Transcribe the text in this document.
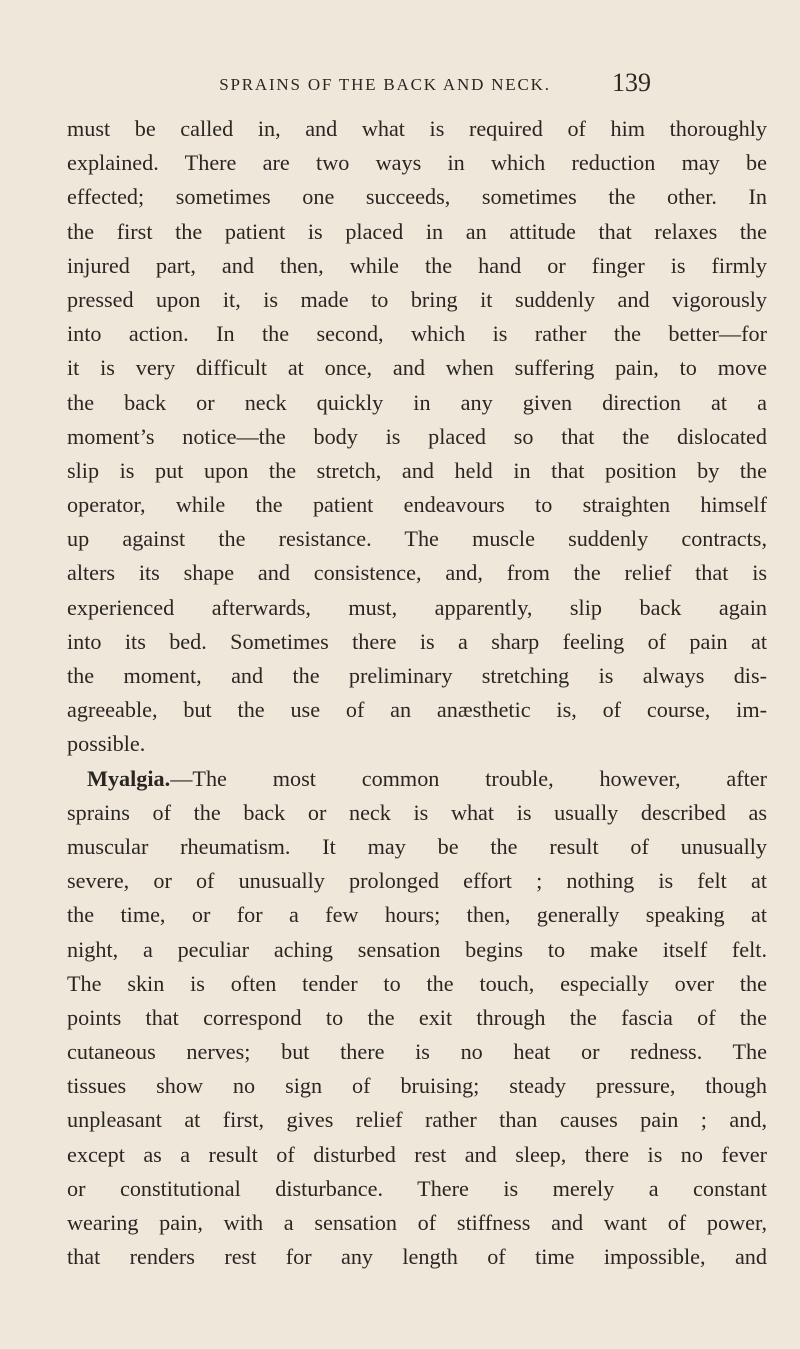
SPRAINS OF THE BACK AND NECK.	139
must be called in, and what is required of him thoroughly
explained. There are two ways in which reduction may be
effected; sometimes one succeeds, sometimes the other. In
the first the patient is placed in an attitude that relaxes the
injured part, and then, while the hand or finger is firmly
pressed upon it, is made to bring it suddenly and vigorously
into action. In the second, which is rather the better—for
it is very difficult at once, and when suffering pain, to move
the back or neck quickly in any given direction at a
moment’s notice—the body is placed so that the dislocated
slip is put upon the stretch, and held in that position by the
operator, while the patient endeavours to straighten himself
up against the resistance. The muscle suddenly contracts,
alters its shape and consistence, and, from the relief that is
experienced afterwards, must, apparently, slip back again
into its bed. Sometimes there is a sharp feeling of pain at
the moment, and the preliminary stretching is always dis-
agreeable, but the use of an anæsthetic is, of course, im-
possible.
Myalgia.—The most common trouble, however, after
sprains of the back or neck is what is usually described as
muscular rheumatism. It may be the result of unusually
severe, or of unusually prolonged effort ; nothing is felt at
the time, or for a few hours; then, generally speaking at
night, a peculiar aching sensation begins to make itself felt.
The skin is often tender to the touch, especially over the
points that correspond to the exit through the fascia of the
cutaneous nerves; but there is no heat or redness. The
tissues show no sign of bruising; steady pressure, though
unpleasant at first, gives relief rather than causes pain ; and,
except as a result of disturbed rest and sleep, there is no fever
or constitutional disturbance. There is merely a constant
wearing pain, with a sensation of stiffness and want of power,
that renders rest for any length of time impossible, and
